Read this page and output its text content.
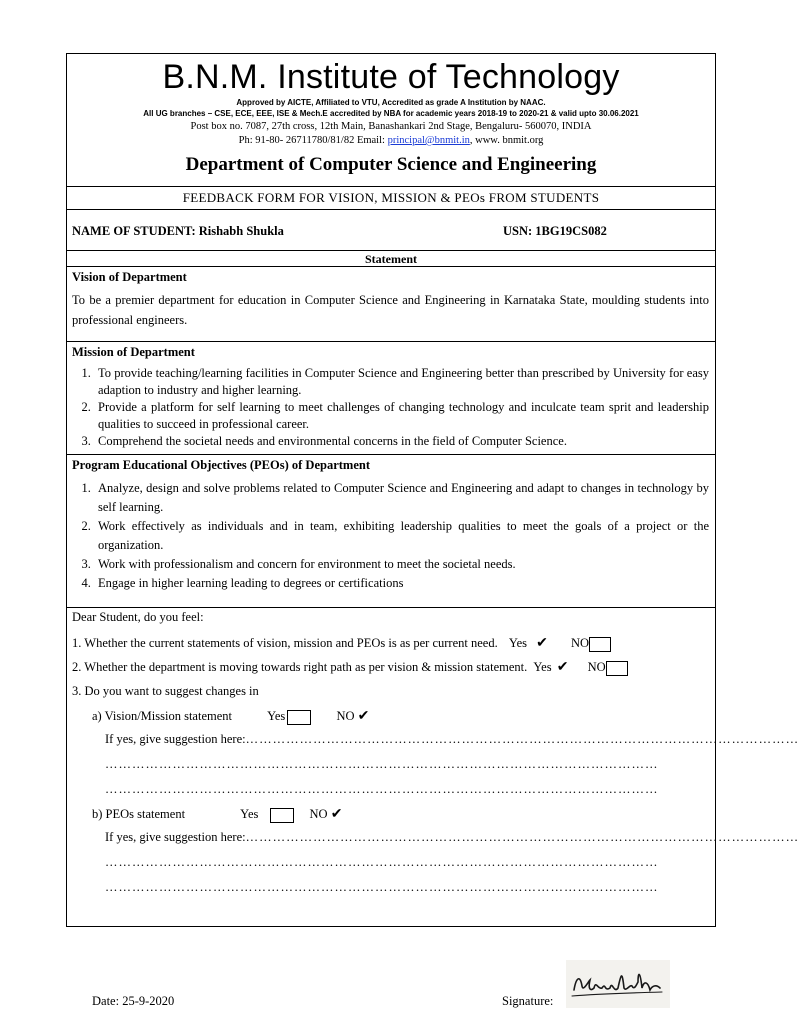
B.N.M. Institute of Technology
Approved by AICTE, Affiliated to VTU, Accredited as grade A Institution by NAAC.
All UG branches – CSE, ECE, EEE, ISE & Mech.E accredited by NBA for academic years 2018-19 to 2020-21 & valid upto 30.06.2021
Post box no. 7087, 27th cross, 12th Main, Banashankari 2nd Stage, Bengaluru- 560070, INDIA
Ph: 91-80- 26711780/81/82 Email: principal@bnmit.in, www. bnmit.org
Department of Computer Science and Engineering
FEEDBACK FORM FOR VISION, MISSION & PEOs FROM STUDENTS
NAME OF STUDENT: Rishabh Shukla	USN: 1BG19CS082
Statement
Vision of Department
To be a premier department for education in Computer Science and Engineering in Karnataka State, moulding students into professional engineers.
Mission of Department
1. To provide teaching/learning facilities in Computer Science and Engineering better than prescribed by University for easy adaption to industry and higher learning.
2. Provide a platform for self learning to meet challenges of changing technology and inculcate team sprit and leadership qualities to succeed in professional career.
3. Comprehend the societal needs and environmental concerns in the field of Computer Science.
Program Educational Objectives (PEOs) of Department
1. Analyze, design and solve problems related to Computer Science and Engineering and adapt to changes in technology by self learning.
2. Work effectively as individuals and in team, exhibiting leadership qualities to meet the goals of a project or the organization.
3. Work with professionalism and concern for environment to meet the societal needs.
4. Engage in higher learning leading to degrees or certifications
Dear Student, do you feel:
1. Whether the current statements of vision, mission and PEOs is as per current need. Yes ✔ NO
2. Whether the department is moving towards right path as per vision & mission statement. Yes ✔ NO
3. Do you want to suggest changes in
a) Vision/Mission statement	Yes	NO ✔
If yes, give suggestion here:……………………………………………………………………………………………………………
……………………………………………………………………………………………………………
……………………………………………………………………………………………………………
b) PEOs statement	Yes	NO ✔
If yes, give suggestion here:……………………………………………………………………………………………………………
……………………………………………………………………………………………………………
……………………………………………………………………………………………………………
Date: 25-9-2020	Signature:
